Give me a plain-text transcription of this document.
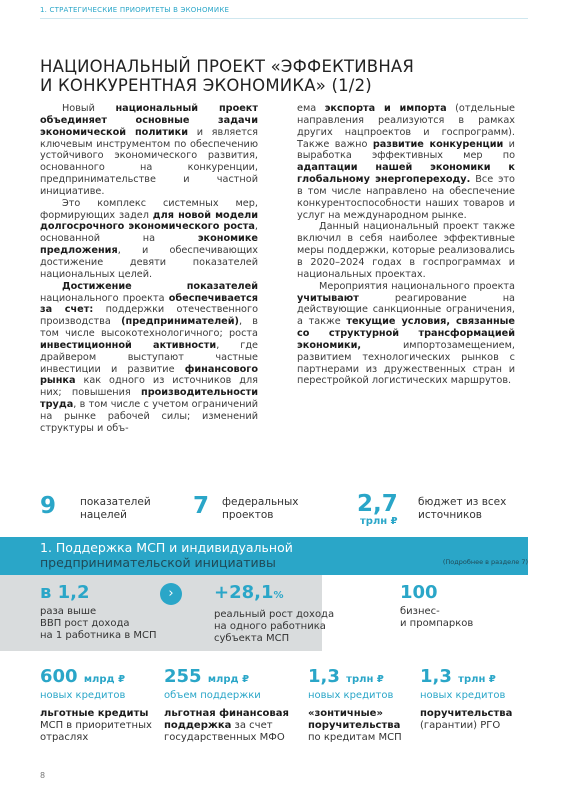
1. СТРАТЕГИЧЕСКИЕ ПРИОРИТЕТЫ В ЭКОНОМИКЕ
НАЦИОНАЛЬНЫЙ ПРОЕКТ «ЭФФЕКТИВНАЯ
И КОНКУРЕНТНАЯ ЭКОНОМИКА» (1/2)

Новый национальный проект объединяет основные задачи экономической политики и является ключевым инструментом по обеспечению устойчивого экономического развития, основанного на конкуренции, предпринимательстве и частной инициативе.

Это комплекс системных мер, формирующих задел для новой модели долгосрочного экономического роста, основанной на экономике предложения, и обеспечивающих достижение девяти показателей национальных целей.

Достижение показателей национального проекта обеспечивается за счет: поддержки отечественного производства (предпринимателей), в том числе высокотехнологичного; роста инвестиционной активности, где драйвером выступают частные инвестиции и развитие финансового рынка как одного из источников для них; повышения производительности труда, в том числе с учетом ограничений на рынке рабочей силы; изменений структуры и объ-

ема экспорта и импорта (отдельные направления реализуются в рамках других нацпроектов и госпрограмм). Также важно развитие конкуренции и выработка эффективных мер по адаптации нашей экономики к глобальному энергопереходу. Все это в том числе направлено на обеспечение конкурентоспособности наших товаров и услуг на международном рынке.

Данный национальный проект также включил в себя наиболее эффективные меры поддержки, которые реализовались в 2020–2024 годах в госпрограммах и национальных проектах.

Мероприятия национального проекта учитывают реагирование на действующие санкционные ограничения, а также текущие условия, связанные со структурной трансформацией экономики, импортозамещением, развитием технологических рынков с партнерами из дружественных стран и перестройкой логистических маршрутов.

9 показателей
нацелей	7 федеральных
проектов	2,7
трлн ₽
бюджет из всех
источников
1. Поддержка МСП и индивидуальной
предпринимательской инициативы	(Подробнее в разделе 7)
›
в 1,2
раза выше
ВВП рост дохода
на 1 работника в МСП
+28,1%
реальный рост дохода
на одного работника
субъекта МСП
100
бизнес-
и промпарков
600 млрд ₽
новых кредитов
льготные кредиты МСП в приоритетных отраслях
255 млрд ₽
объем поддержки
льготная финансовая поддержка за счет государственных МФО
1,3 трлн ₽
новых кредитов
«зонтичные» поручительства по кредитам МСП
1,3 трлн ₽
новых кредитов
поручительства (гарантии) РГО
8
